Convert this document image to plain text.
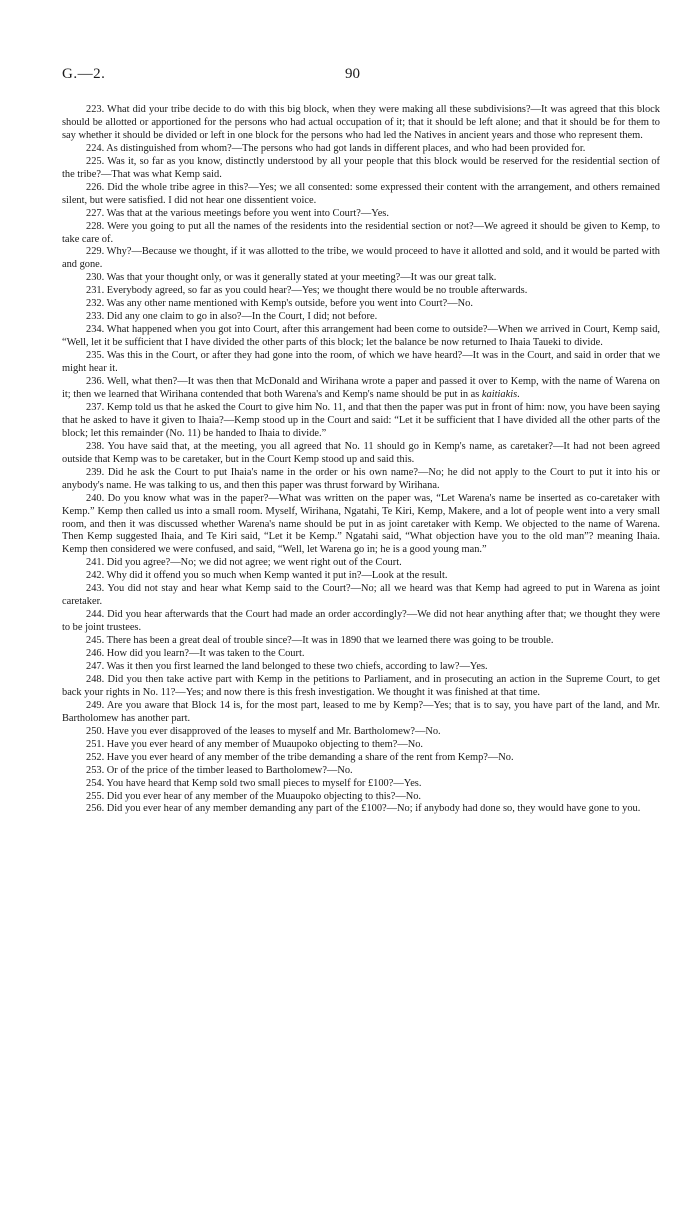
G.—2.	90

223. What did your tribe decide to do with this big block, when they were making all these subdivisions?—It was agreed that this block should be allotted or apportioned for the persons who had actual occupation of it; that it should be left alone; and that it should be for them to say whether it should be divided or left in one block for the persons who had led the Natives in ancient years and those who represent them.

224. As distinguished from whom?—The persons who had got lands in different places, and who had been provided for.

225. Was it, so far as you know, distinctly understood by all your people that this block would be reserved for the residential section of the tribe?—That was what Kemp said.

226. Did the whole tribe agree in this?—Yes; we all consented: some expressed their content with the arrangement, and others remained silent, but were satisfied. I did not hear one dissentient voice.

227. Was that at the various meetings before you went into Court?—Yes.

228. Were you going to put all the names of the residents into the residential section or not?—We agreed it should be given to Kemp, to take care of.

229. Why?—Because we thought, if it was allotted to the tribe, we would proceed to have it allotted and sold, and it would be parted with and gone.

230. Was that your thought only, or was it generally stated at your meeting?—It was our great talk.

231. Everybody agreed, so far as you could hear?—Yes; we thought there would be no trouble afterwards.

232. Was any other name mentioned with Kemp's outside, before you went into Court?—No.

233. Did any one claim to go in also?—In the Court, I did; not before.

234. What happened when you got into Court, after this arrangement had been come to outside?—When we arrived in Court, Kemp said, “Well, let it be sufficient that I have divided the other parts of this block; let the balance be now returned to Ihaia Taueki to divide.

235. Was this in the Court, or after they had gone into the room, of which we have heard?—It was in the Court, and said in order that we might hear it.

236. Well, what then?—It was then that McDonald and Wirihana wrote a paper and passed it over to Kemp, with the name of Warena on it; then we learned that Wirihana contended that both Warena's and Kemp's name should be put in as kaitiakis.

237. Kemp told us that he asked the Court to give him No. 11, and that then the paper was put in front of him: now, you have been saying that he asked to have it given to Ihaia?—Kemp stood up in the Court and said: “Let it be sufficient that I have divided all the other parts of the block; let this remainder (No. 11) be handed to Ihaia to divide.”

238. You have said that, at the meeting, you all agreed that No. 11 should go in Kemp's name, as caretaker?—It had not been agreed outside that Kemp was to be caretaker, but in the Court Kemp stood up and said this.

239. Did he ask the Court to put Ihaia's name in the order or his own name?—No; he did not apply to the Court to put it into his or anybody's name. He was talking to us, and then this paper was thrust forward by Wirihana.

240. Do you know what was in the paper?—What was written on the paper was, “Let Warena's name be inserted as co-caretaker with Kemp.” Kemp then called us into a small room. Myself, Wirihana, Ngatahi, Te Kiri, Kemp, Makere, and a lot of people went into a very small room, and then it was discussed whether Warena's name should be put in as joint caretaker with Kemp. We objected to the name of Warena. Then Kemp suggested Ihaia, and Te Kiri said, “Let it be Kemp.” Ngatahi said, “What objection have you to the old man”? meaning Ihaia. Kemp then considered we were confused, and said, “Well, let Warena go in; he is a good young man.”

241. Did you agree?—No; we did not agree; we went right out of the Court.

242. Why did it offend you so much when Kemp wanted it put in?—Look at the result.

243. You did not stay and hear what Kemp said to the Court?—No; all we heard was that Kemp had agreed to put in Warena as joint caretaker.

244. Did you hear afterwards that the Court had made an order accordingly?—We did not hear anything after that; we thought they were to be joint trustees.

245. There has been a great deal of trouble since?—It was in 1890 that we learned there was going to be trouble.

246. How did you learn?—It was taken to the Court.

247. Was it then you first learned the land belonged to these two chiefs, according to law?—Yes.

248. Did you then take active part with Kemp in the petitions to Parliament, and in prosecuting an action in the Supreme Court, to get back your rights in No. 11?—Yes; and now there is this fresh investigation. We thought it was finished at that time.

249. Are you aware that Block 14 is, for the most part, leased to me by Kemp?—Yes; that is to say, you have part of the land, and Mr. Bartholomew has another part.

250. Have you ever disapproved of the leases to myself and Mr. Bartholomew?—No.

251. Have you ever heard of any member of Muaupoko objecting to them?—No.

252. Have you ever heard of any member of the tribe demanding a share of the rent from Kemp?—No.

253. Or of the price of the timber leased to Bartholomew?—No.

254. You have heard that Kemp sold two small pieces to myself for £100?—Yes.

255. Did you ever hear of any member of the Muaupoko objecting to this?—No.

256. Did you ever hear of any member demanding any part of the £100?—No; if anybody had done so, they would have gone to you.
